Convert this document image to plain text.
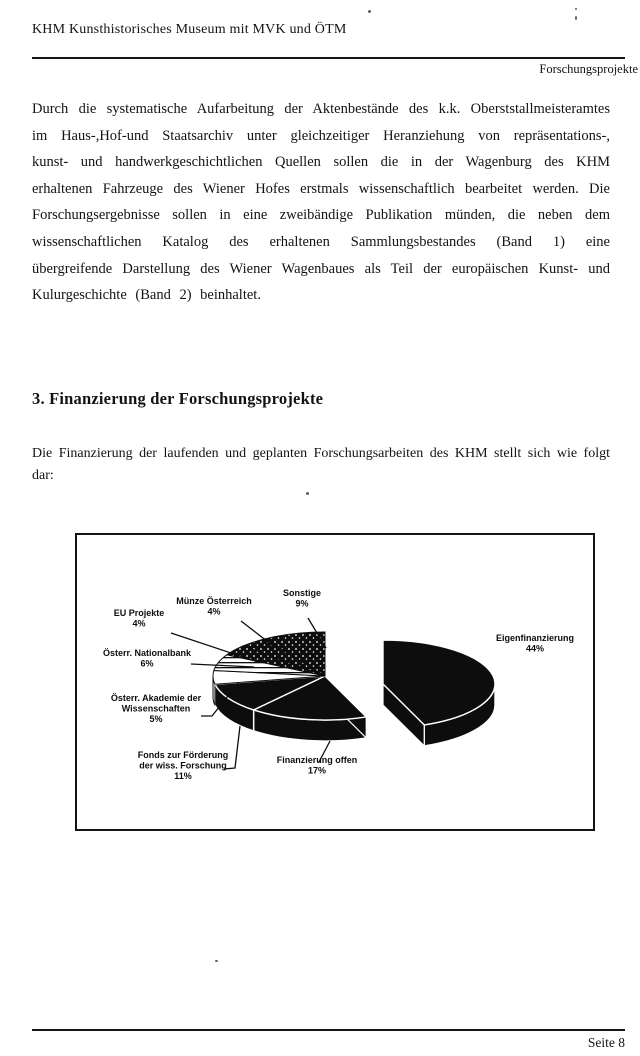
KHM Kunsthistorisches Museum mit MVK und ÖTM
Forschungsprojekte
Durch die systematische Aufarbeitung der Aktenbestände des k.k. Oberststallmeisteramtes im Haus-,Hof-und Staatsarchiv unter gleichzeitiger Heranziehung von repräsentations-, kunst- und handwerkgeschichtlichen Quellen sollen die in der Wagenburg des KHM erhaltenen Fahrzeuge des Wiener Hofes erstmals wissenschaftlich bearbeitet werden. Die Forschungsergebnisse sollen in eine zweibändige Publikation münden, die neben dem wissenschaftlichen Katalog des erhaltenen Sammlungsbestandes (Band 1) eine übergreifende Darstellung des Wiener Wagenbaues als Teil der europäischen Kunst- und Kulurgeschichte (Band 2) beinhaltet.
3. Finanzierung der Forschungsprojekte
Die Finanzierung der laufenden und geplanten Forschungsarbeiten des KHM stellt sich wie folgt dar:
Eigenfinanzierung 44%
Finanzierung offen 17%
Fonds zur Förderung der wiss. Forschung 11%
Österr. Akademie der Wissenschaften 5%
Österr. Nationalbank 6%
EU Projekte 4%
Münze Österreich 4%
Sonstige 9%
Seite 8
